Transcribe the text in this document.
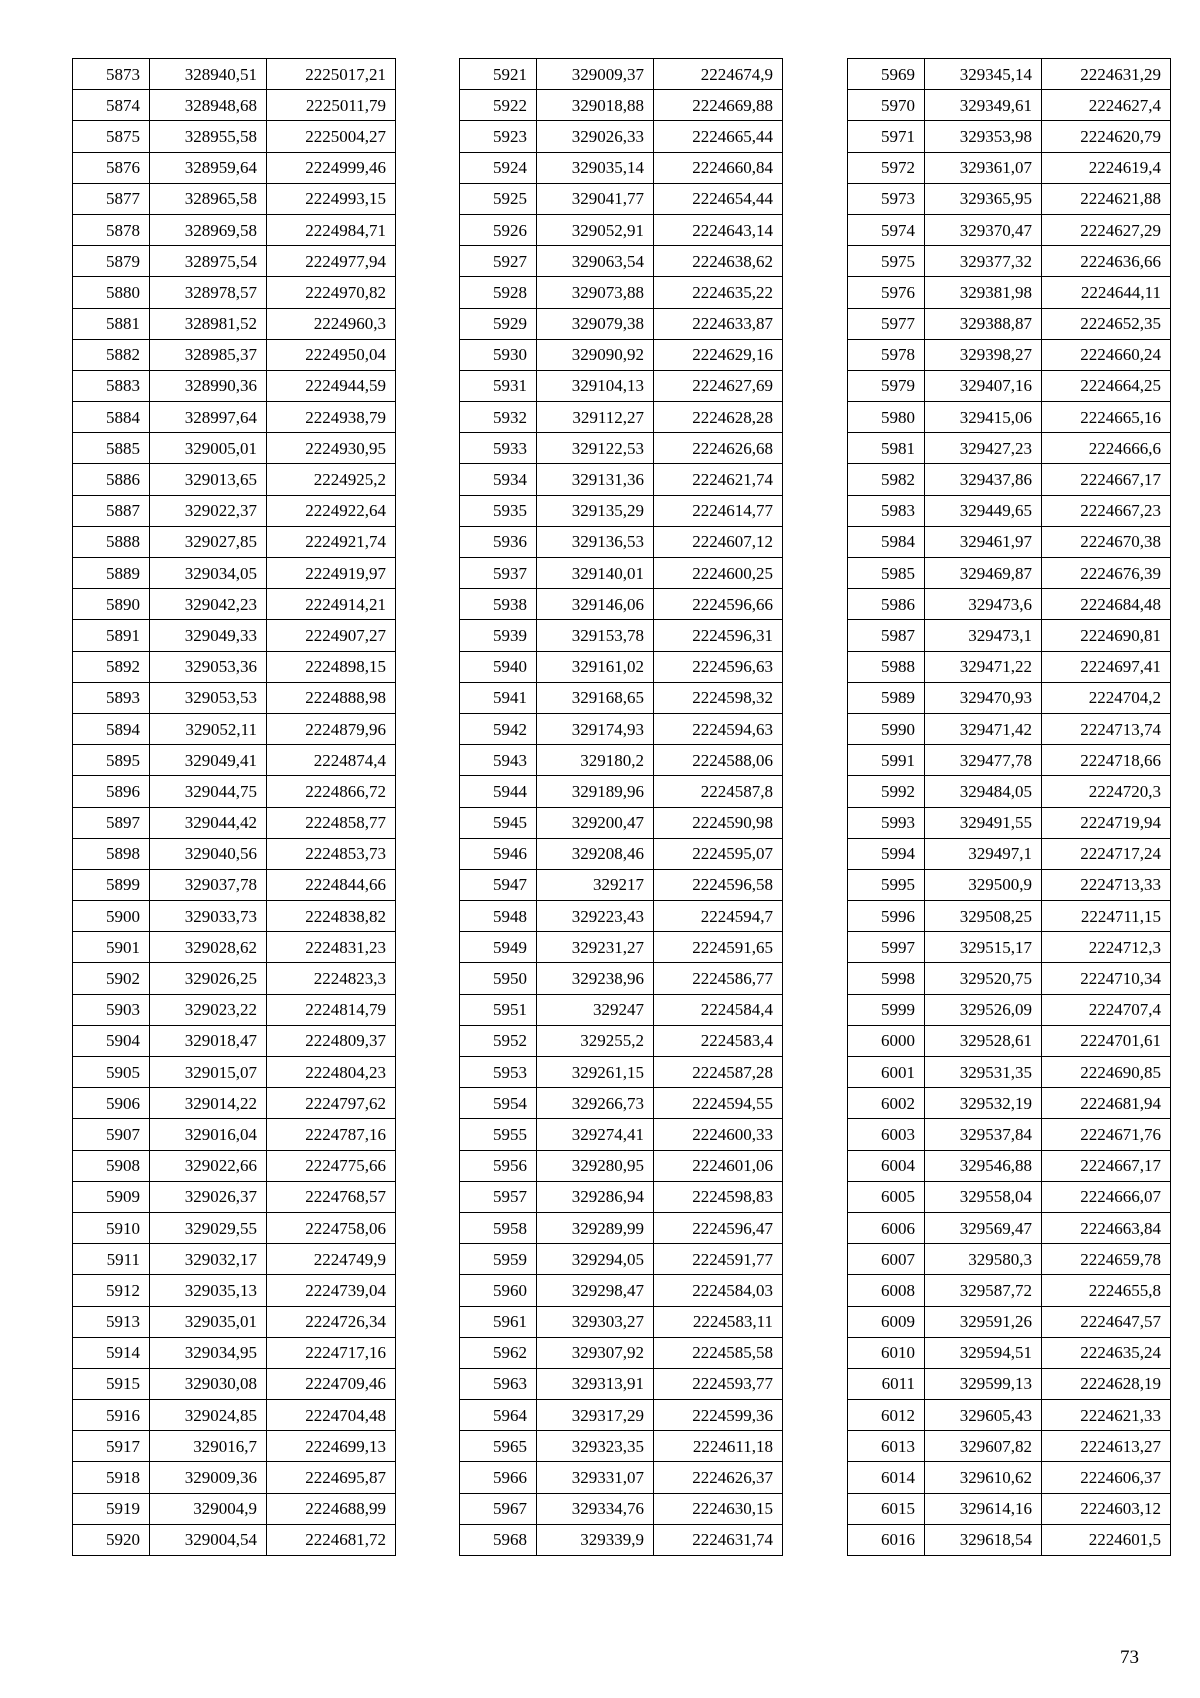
5873	328940,51	2225017,21
5874	328948,68	2225011,79
5875	328955,58	2225004,27
5876	328959,64	2224999,46
5877	328965,58	2224993,15
5878	328969,58	2224984,71
5879	328975,54	2224977,94
5880	328978,57	2224970,82
5881	328981,52	2224960,3
5882	328985,37	2224950,04
5883	328990,36	2224944,59
5884	328997,64	2224938,79
5885	329005,01	2224930,95
5886	329013,65	2224925,2
5887	329022,37	2224922,64
5888	329027,85	2224921,74
5889	329034,05	2224919,97
5890	329042,23	2224914,21
5891	329049,33	2224907,27
5892	329053,36	2224898,15
5893	329053,53	2224888,98
5894	329052,11	2224879,96
5895	329049,41	2224874,4
5896	329044,75	2224866,72
5897	329044,42	2224858,77
5898	329040,56	2224853,73
5899	329037,78	2224844,66
5900	329033,73	2224838,82
5901	329028,62	2224831,23
5902	329026,25	2224823,3
5903	329023,22	2224814,79
5904	329018,47	2224809,37
5905	329015,07	2224804,23
5906	329014,22	2224797,62
5907	329016,04	2224787,16
5908	329022,66	2224775,66
5909	329026,37	2224768,57
5910	329029,55	2224758,06
5911	329032,17	2224749,9
5912	329035,13	2224739,04
5913	329035,01	2224726,34
5914	329034,95	2224717,16
5915	329030,08	2224709,46
5916	329024,85	2224704,48
5917	329016,7	2224699,13
5918	329009,36	2224695,87
5919	329004,9	2224688,99
5920	329004,54	2224681,72
5921	329009,37	2224674,9
5922	329018,88	2224669,88
5923	329026,33	2224665,44
5924	329035,14	2224660,84
5925	329041,77	2224654,44
5926	329052,91	2224643,14
5927	329063,54	2224638,62
5928	329073,88	2224635,22
5929	329079,38	2224633,87
5930	329090,92	2224629,16
5931	329104,13	2224627,69
5932	329112,27	2224628,28
5933	329122,53	2224626,68
5934	329131,36	2224621,74
5935	329135,29	2224614,77
5936	329136,53	2224607,12
5937	329140,01	2224600,25
5938	329146,06	2224596,66
5939	329153,78	2224596,31
5940	329161,02	2224596,63
5941	329168,65	2224598,32
5942	329174,93	2224594,63
5943	329180,2	2224588,06
5944	329189,96	2224587,8
5945	329200,47	2224590,98
5946	329208,46	2224595,07
5947	329217	2224596,58
5948	329223,43	2224594,7
5949	329231,27	2224591,65
5950	329238,96	2224586,77
5951	329247	2224584,4
5952	329255,2	2224583,4
5953	329261,15	2224587,28
5954	329266,73	2224594,55
5955	329274,41	2224600,33
5956	329280,95	2224601,06
5957	329286,94	2224598,83
5958	329289,99	2224596,47
5959	329294,05	2224591,77
5960	329298,47	2224584,03
5961	329303,27	2224583,11
5962	329307,92	2224585,58
5963	329313,91	2224593,77
5964	329317,29	2224599,36
5965	329323,35	2224611,18
5966	329331,07	2224626,37
5967	329334,76	2224630,15
5968	329339,9	2224631,74
5969	329345,14	2224631,29
5970	329349,61	2224627,4
5971	329353,98	2224620,79
5972	329361,07	2224619,4
5973	329365,95	2224621,88
5974	329370,47	2224627,29
5975	329377,32	2224636,66
5976	329381,98	2224644,11
5977	329388,87	2224652,35
5978	329398,27	2224660,24
5979	329407,16	2224664,25
5980	329415,06	2224665,16
5981	329427,23	2224666,6
5982	329437,86	2224667,17
5983	329449,65	2224667,23
5984	329461,97	2224670,38
5985	329469,87	2224676,39
5986	329473,6	2224684,48
5987	329473,1	2224690,81
5988	329471,22	2224697,41
5989	329470,93	2224704,2
5990	329471,42	2224713,74
5991	329477,78	2224718,66
5992	329484,05	2224720,3
5993	329491,55	2224719,94
5994	329497,1	2224717,24
5995	329500,9	2224713,33
5996	329508,25	2224711,15
5997	329515,17	2224712,3
5998	329520,75	2224710,34
5999	329526,09	2224707,4
6000	329528,61	2224701,61
6001	329531,35	2224690,85
6002	329532,19	2224681,94
6003	329537,84	2224671,76
6004	329546,88	2224667,17
6005	329558,04	2224666,07
6006	329569,47	2224663,84
6007	329580,3	2224659,78
6008	329587,72	2224655,8
6009	329591,26	2224647,57
6010	329594,51	2224635,24
6011	329599,13	2224628,19
6012	329605,43	2224621,33
6013	329607,82	2224613,27
6014	329610,62	2224606,37
6015	329614,16	2224603,12
6016	329618,54	2224601,5
73
